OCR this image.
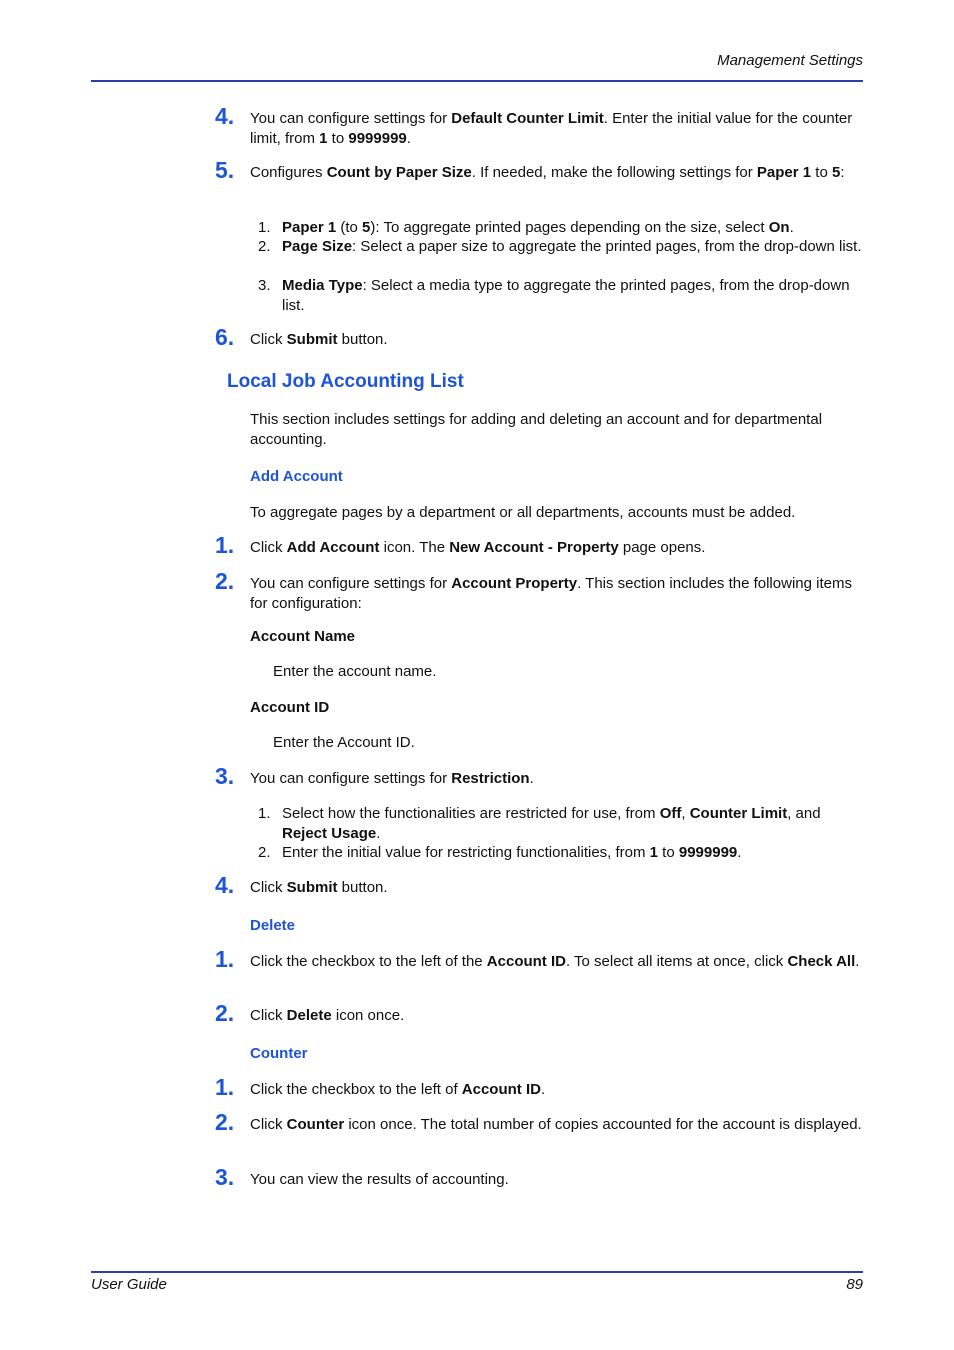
Management Settings
4. You can configure settings for Default Counter Limit. Enter the initial value for the counter limit, from 1 to 9999999.
5. Configures Count by Paper Size. If needed, make the following settings for Paper 1 to 5:
1. Paper 1 (to 5): To aggregate printed pages depending on the size, select On.
2. Page Size: Select a paper size to aggregate the printed pages, from the drop-down list.
3. Media Type: Select a media type to aggregate the printed pages, from the drop-down list.
6. Click Submit button.
Local Job Accounting List
This section includes settings for adding and deleting an account and for departmental accounting.
Add Account
To aggregate pages by a department or all departments, accounts must be added.
1. Click Add Account icon. The New Account - Property page opens.
2. You can configure settings for Account Property. This section includes the following items for configuration:
Account Name
Enter the account name.
Account ID
Enter the Account ID.
3. You can configure settings for Restriction.
1. Select how the functionalities are restricted for use, from Off, Counter Limit, and Reject Usage.
2. Enter the initial value for restricting functionalities, from 1 to 9999999.
4. Click Submit button.
Delete
1. Click the checkbox to the left of the Account ID. To select all items at once, click Check All.
2. Click Delete icon once.
Counter
1. Click the checkbox to the left of Account ID.
2. Click Counter icon once. The total number of copies accounted for the account is displayed.
3. You can view the results of accounting.
User Guide	89
